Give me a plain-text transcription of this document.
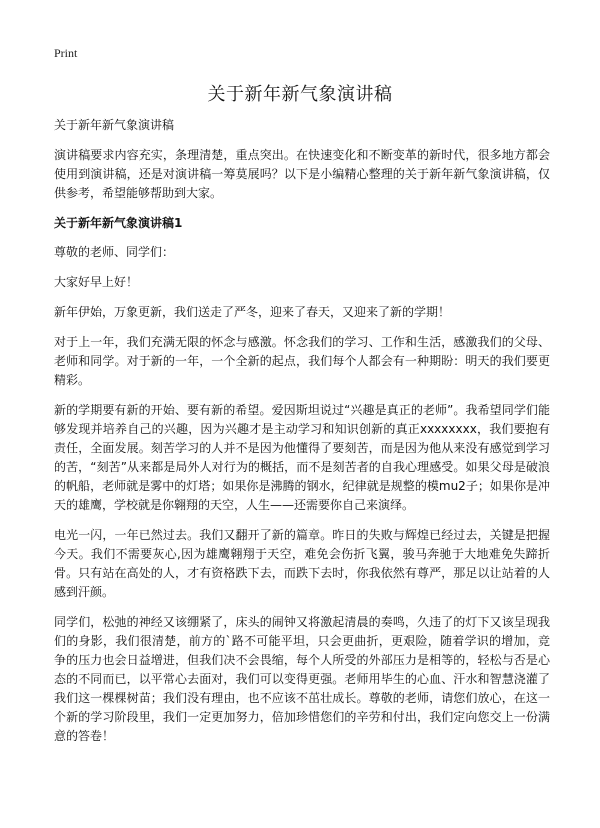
Print
关于新年新气象演讲稿

关于新年新气象演讲稿

演讲稿要求内容充实，条理清楚，重点突出。在快速变化和不断变革的新时代，很多地方都会使用到演讲稿，还是对演讲稿一筹莫展吗？以下是小编精心整理的关于新年新气象演讲稿，仅供参考，希望能够帮助到大家。

关于新年新气象演讲稿1

尊敬的老师、同学们：

大家好早上好！

新年伊始，万象更新，我们送走了严冬，迎来了春天，又迎来了新的学期！

对于上一年，我们充满无限的怀念与感激。怀念我们的学习、工作和生活，感激我们的父母、老师和同学。对于新的一年，一个全新的起点，我们每个人都会有一种期盼：明天的我们要更精彩。

新的学期要有新的开始、要有新的希望。爱因斯坦说过“兴趣是真正的老师”。我希望同学们能够发现并培养自己的兴趣，因为兴趣才是主动学习和知识创新的真正xxxxxxxx，我们要抱有责任，全面发展。刻苦学习的人并不是因为他懂得了要刻苦，而是因为他从来没有感觉到学习的苦，“刻苦”从来都是局外人对行为的概括，而不是刻苦者的自我心理感受。如果父母是破浪的帆船，老师就是雾中的灯塔；如果你是沸腾的钢水，纪律就是规整的模mu2子；如果你是冲天的雄鹰，学校就是你翱翔的天空，人生——还需要你自己来演绎。

电光一闪，一年已然过去。我们又翻开了新的篇章。昨日的失败与辉煌已经过去，关键是把握今天。我们不需要灰心,因为雄鹰翱翔于天空，难免会伤折飞翼，骏马奔驰于大地难免失蹄折骨。只有站在高处的人，才有资格跌下去，而跌下去时，你我依然有尊严，那足以让站着的人感到汗颜。

同学们，松弛的神经又该绷紧了，床头的闹钟又将激起清晨的奏鸣，久违了的灯下又该呈现我们的身影，我们很清楚，前方的`路不可能平坦，只会更曲折，更艰险，随着学识的增加，竞争的压力也会日益增进，但我们决不会畏缩，每个人所受的外部压力是相等的，轻松与否是心态的不同而已，以平常心去面对，我们可以变得更强。老师用毕生的心血、汗水和智慧浇灌了我们这一棵棵树苗；我们没有理由，也不应该不茁壮成长。尊敬的老师，请您们放心，在这一个新的学习阶段里，我们一定更加努力，倍加珍惜您们的辛劳和付出，我们定向您交上一份满意的答卷！
